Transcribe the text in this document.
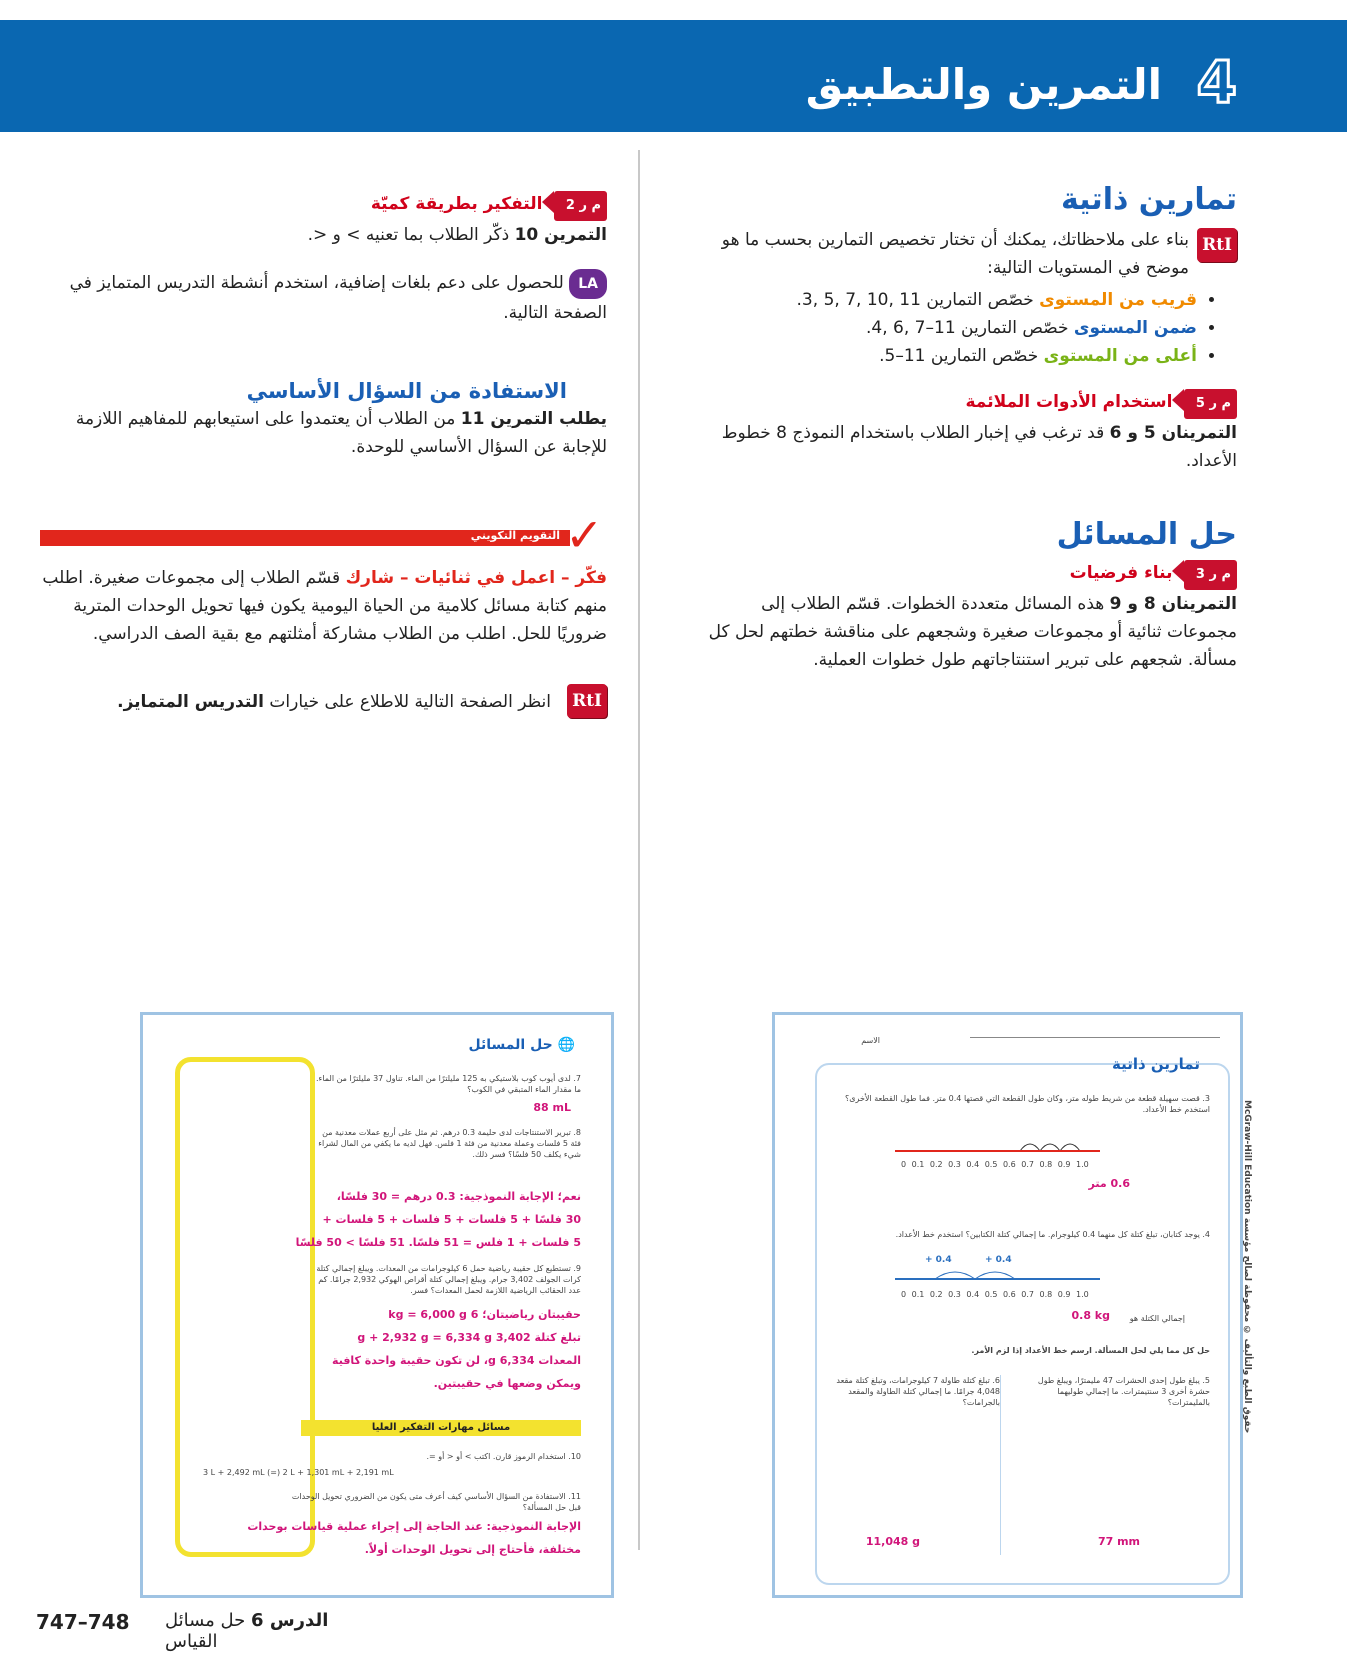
4
التمرين والتطبيق
تمارين ذاتية
RtI
بناء على ملاحظاتك، يمكنك أن تختار تخصيص التمارين بحسب ما هو موضح في المستويات التالية:
• قريب من المستوى خصّص التمارين 11 ,10 ,7 ,5 ,3.
• ضمن المستوى خصّص التمارين 11–7 ,6 ,4.
• أعلى من المستوى خصّص التمارين 11–5.
م ر 5 استخدام الأدوات الملائمة
التمرينان 5 و 6 قد ترغب في إخبار الطلاب باستخدام النموذج 8 خطوط الأعداد.
حل المسائل
م ر 3 بناء فرضيات
التمرينان 8 و 9 هذه المسائل متعددة الخطوات. قسّم الطلاب إلى مجموعات ثنائية أو مجموعات صغيرة وشجعهم على مناقشة خطتهم لحل كل مسألة. شجعهم على تبرير استنتاجاتهم طول خطوات العملية.
م ر 2 التفكير بطريقة كميّة
التمرين 10 ذكّر الطلاب بما تعنيه > و <.
LA للحصول على دعم بلغات إضافية، استخدم أنشطة التدريس المتمايز في الصفحة التالية.
الاستفادة من السؤال الأساسي
يطلب التمرين 11 من الطلاب أن يعتمدوا على استيعابهم للمفاهيم اللازمة للإجابة عن السؤال الأساسي للوحدة.
التقويم التكويني ✓
فكّر – اعمل في ثنائيات – شارك قسّم الطلاب إلى مجموعات صغيرة. اطلب منهم كتابة مسائل كلامية من الحياة اليومية يكون فيها تحويل الوحدات المترية ضروريًا للحل. اطلب من الطلاب مشاركة أمثلتهم مع بقية الصف الدراسي.
RtI
انظر الصفحة التالية للاطلاع على خيارات التدريس المتمايز.
الاسم
تمارين ذاتية
3. قصت سهيلة قطعة من شريط طوله متر، وكان طول القطعة التي قصتها 0.4 متر. فما طول القطعة الأخرى؟ استخدم خط الأعداد.
0 0.1 0.2 0.3 0.4 0.5 0.6 0.7 0.8 0.9 1.0
0.6 متر
4. يوجد كتابان، تبلغ كتلة كل منهما 0.4 كيلوجرام. ما إجمالي كتلة الكتابين؟ استخدم خط الأعداد.
+ 0.4	+ 0.4
0 0.1 0.2 0.3 0.4 0.5 0.6 0.7 0.8 0.9 1.0
إجمالي الكتلة هو
0.8 kg
حل كل مما يلي لحل المسألة. ارسم خط الأعداد إذا لزم الأمر.
5. يبلغ طول إحدى الحشرات 47 مليمترًا، ويبلغ طول حشرة أخرى 3 سنتيمترات. ما إجمالي طوليهما بالمليمترات؟
6. تبلغ كتلة طاولة 7 كيلوجرامات، وتبلغ كتلة مقعد 4,048 جرامًا. ما إجمالي كتلة الطاولة والمقعد بالجرامات؟
77 mm
11,048 g
McGraw-Hill Education حقوق الطبع والتأليف © محفوظة لصالح مؤسسة
🌐 حل المسائل
7. لدى أيوب كوب بلاستيكي به 125 مليلترًا من الماء. تناول 37 مليلترًا من الماء. ما مقدار الماء المتبقي في الكوب؟
88 mL
8. تبرير الاستنتاجات لدى حليمة 0.3 درهم. ثم مثل على أربع عملات معدنية من فئة 5 فلسات وعملة معدنية من فئة 1 فلس. فهل لديه ما يكفي من المال لشراء شيء يكلف 50 فلسًا؟ فسر ذلك.
نعم؛ الإجابة النموذجية: 0.3 درهم = 30 فلسًا،
30 فلسًا + 5 فلسات + 5 فلسات + 5 فلسات +
5 فلسات + 1 فلس = 51 فلسًا. 51 فلسًا > 50 فلسًا
9. تستطيع كل حقيبة رياضية حمل 6 كيلوجرامات من المعدات. ويبلغ إجمالي كتلة كرات الجولف 3,402 جرام. ويبلغ إجمالي كتلة أقراص الهوكي 2,932 جرامًا. كم عدد الحقائب الرياضية اللازمة لحمل المعدات؟ فسر.
حقيبتان رياضيتان؛ 6 kg = 6,000 g
تبلغ كتلة 3,402 g + 2,932 g = 6,334 g
المعدات 6,334 g، لن تكون حقيبة واحدة كافية
ويمكن وضعها في حقيبتين.
مسائل مهارات التفكير العليا
10. استخدام الرموز قارن. اكتب > أو < أو =.
3 L + 2,492 mL (=) 2 L + 1,301 mL + 2,191 mL
11. الاستفادة من السؤال الأساسي كيف أعرف متى يكون من الضروري تحويل الوحدات قبل حل المسألة؟
الإجابة النموذجية: عند الحاجة إلى إجراء عملية قياسات بوحدات
مختلفة، فأحتاج إلى تحويل الوحدات أولاً.
747–748	الدرس 6 حل مسائل القياس
